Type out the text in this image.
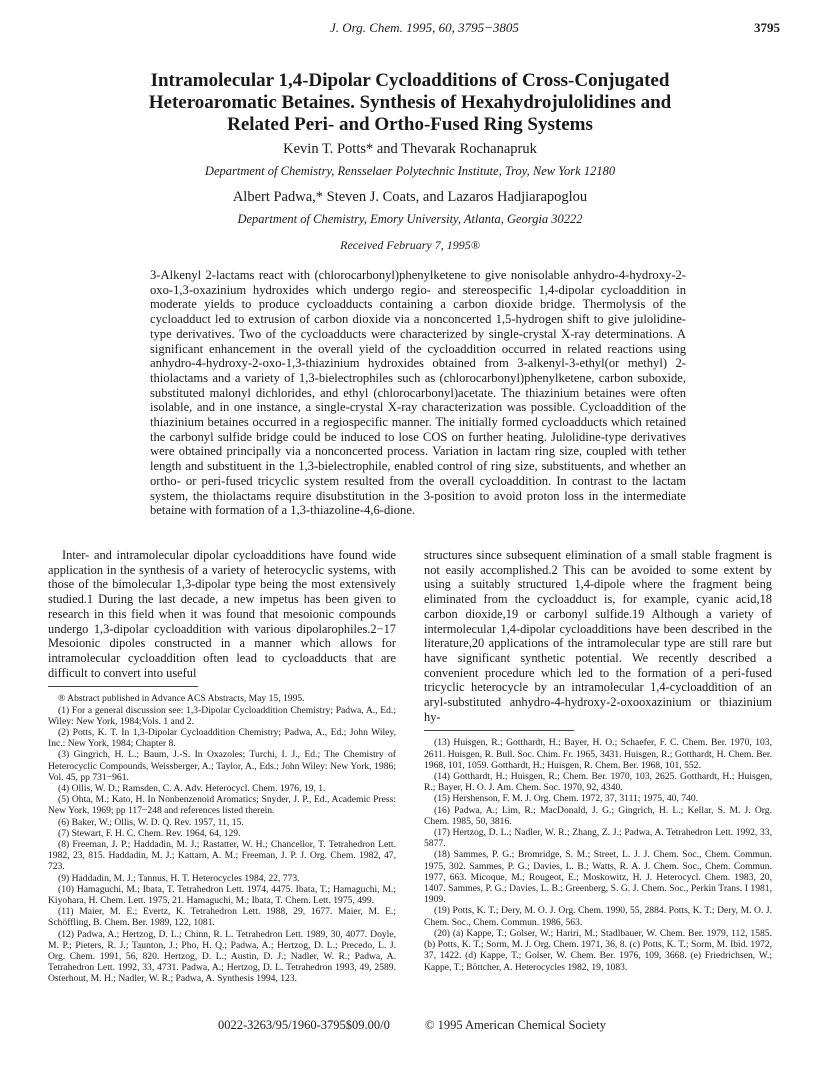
J. Org. Chem. 1995, 60, 3795−3805	3795
Intramolecular 1,4-Dipolar Cycloadditions of Cross-Conjugated
Heteroaromatic Betaines. Synthesis of Hexahydrojulolidines and
Related Peri- and Ortho-Fused Ring Systems
Kevin T. Potts* and Thevarak Rochanapruk
Department of Chemistry, Rensselaer Polytechnic Institute, Troy, New York 12180
Albert Padwa,* Steven J. Coats, and Lazaros Hadjiarapoglou
Department of Chemistry, Emory University, Atlanta, Georgia 30222
Received February 7, 1995®
3-Alkenyl 2-lactams react with (chlorocarbonyl)phenylketene to give nonisolable anhydro-4-hydroxy-2-oxo-1,3-oxazinium hydroxides which undergo regio- and stereospecific 1,4-dipolar cycloaddition in moderate yields to produce cycloadducts containing a carbon dioxide bridge. Thermolysis of the cycloadduct led to extrusion of carbon dioxide via a nonconcerted 1,5-hydrogen shift to give julolidine-type derivatives. Two of the cycloadducts were characterized by single-crystal X-ray determinations. A significant enhancement in the overall yield of the cycloaddition occurred in related reactions using anhydro-4-hydroxy-2-oxo-1,3-thiazinium hydroxides obtained from 3-alkenyl-3-ethyl(or methyl) 2-thiolactams and a variety of 1,3-bielectrophiles such as (chlorocarbonyl)phenylketene, carbon suboxide, substituted malonyl dichlorides, and ethyl (chlorocarbonyl)acetate. The thiazinium betaines were often isolable, and in one instance, a single-crystal X-ray characterization was possible. Cycloaddition of the thiazinium betaines occurred in a regiospecific manner. The initially formed cycloadducts which retained the carbonyl sulfide bridge could be induced to lose COS on further heating. Julolidine-type derivatives were obtained principally via a nonconcerted process. Variation in lactam ring size, coupled with tether length and substituent in the 1,3-bielectrophile, enabled control of ring size, substituents, and whether an ortho- or peri-fused tricyclic system resulted from the overall cycloaddition. In contrast to the lactam system, the thiolactams require disubstitution in the 3-position to avoid proton loss in the intermediate betaine with formation of a 1,3-thiazoline-4,6-dione.

Inter- and intramolecular dipolar cycloadditions have found wide application in the synthesis of a variety of heterocyclic systems, with those of the bimolecular 1,3-dipolar type being the most extensively studied.1 During the last decade, a new impetus has been given to research in this field when it was found that mesoionic compounds undergo 1,3-dipolar cycloaddition with various dipolarophiles.2−17 Mesoionic dipoles constructed in a manner which allows for intramolecular cycloaddition often lead to cycloadducts that are difficult to convert into useful

® Abstract published in Advance ACS Abstracts, May 15, 1995.

(1) For a general discussion see: 1,3-Dipolar Cycloaddition Chemistry; Padwa, A., Ed.; Wiley: New York, 1984;Vols. 1 and 2.

(2) Potts, K. T. In 1,3-Dipolar Cycloaddition Chemistry; Padwa, A., Ed.; John Wiley, Inc.: New York, 1984; Chapter 8.

(3) Gingrich, H. L.; Baum, J.-S. In Oxazoles; Turchi, I. J., Ed.; The Chemistry of Heterocyclic Compounds, Weissberger, A.; Taylor, A., Eds.; John Wiley: New York, 1986; Vol. 45, pp 731−961.

(4) Ollis, W. D.; Ramsden, C. A. Adv. Heterocycl. Chem. 1976, 19, 1.

(5) Ohta, M.; Kato, H. In Nonbenzenoid Aromatics; Snyder, J. P., Ed., Academic Press: New York, 1969; pp 117−248 and references listed therein.

(6) Baker, W.; Ollis, W. D. Q. Rev. 1957, 11, 15.

(7) Stewart, F. H. C. Chem. Rev. 1964, 64, 129.

(8) Freeman, J. P.; Haddadin, M. J.; Rastatter, W. H.; Chancellor, T. Tetrahedron Lett. 1982, 23, 815. Haddadin, M. J.; Kattarn, A. M.; Freeman, J. P. J. Org. Chem. 1982, 47, 723.

(9) Haddadin, M. J.; Tannus, H. T. Heterocycles 1984, 22, 773.

(10) Hamaguchi, M.; Ibata, T. Tetrahedron Lett. 1974, 4475. Ibata, T.; Hamaguchi, M.; Kiyohara, H. Chem. Lett. 1975, 21. Hamaguchi, M.; Ibata, T. Chem. Lett. 1975, 499.

(11) Maier, M. E.; Evertz, K. Tetrahedron Lett. 1988, 29, 1677. Maier, M. E.; Schöffling, B. Chem. Ber. 1989, 122, 1081.

(12) Padwa, A.; Hertzog, D. L.; Chinn, R. L. Tetrahedron Lett. 1989, 30, 4077. Doyle, M. P.; Pieters, R. J.; Taunton, J.; Pho, H. Q.; Padwa, A.; Hertzog, D. L.; Precedo, L. J. Org. Chem. 1991, 56, 820. Hertzog, D. L.; Austin, D. J.; Nadler, W. R.; Padwa, A. Tetrahedron Lett. 1992, 33, 4731. Padwa, A.; Hertzog, D. L. Tetrahedron 1993, 49, 2589. Osterhout, M. H.; Nadler, W. R.; Padwa, A. Synthesis 1994, 123.

structures since subsequent elimination of a small stable fragment is not easily accomplished.2 This can be avoided to some extent by using a suitably structured 1,4-dipole where the fragment being eliminated from the cycloadduct is, for example, cyanic acid,18 carbon dioxide,19 or carbonyl sulfide.19 Although a variety of intermolecular 1,4-dipolar cycloadditions have been described in the literature,20 applications of the intramolecular type are still rare but have significant synthetic potential. We recently described a convenient procedure which led to the formation of a peri-fused tricyclic heterocycle by an intramolecular 1,4-cycloaddition of an aryl-substituted anhydro-4-hydroxy-2-oxooxazinium or thiazinium hy-

(13) Huisgen, R.; Gotthardt, H.; Bayer, H. O.; Schaefer, F. C. Chem. Ber. 1970, 103, 2611. Huisgen, R. Bull. Soc. Chim. Fr. 1965, 3431. Huisgen, R.; Gotthardt, H. Chem. Ber. 1968, 101, 1059. Gotthardt, H.; Huisgen, R. Chem. Ber. 1968, 101, 552.

(14) Gotthardt, H.; Huisgen, R.; Chem. Ber. 1970, 103, 2625. Gotthardt, H.; Huisgen, R.; Bayer, H. O. J. Am. Chem. Soc. 1970, 92, 4340.

(15) Hershenson, F. M. J. Org. Chem. 1972, 37, 3111; 1975, 40, 740.

(16) Padwa, A.; Lim, R.; MacDonald, J. G.; Gingrich, H. L.; Kellar, S. M. J. Org. Chem. 1985, 50, 3816.

(17) Hertzog, D. L.; Nadler, W. R.; Zhang, Z. J.; Padwa, A. Tetrahedron Lett. 1992, 33, 5877.

(18) Sammes, P. G.; Bromridge, S. M.; Street, L. J. J. Chem. Soc., Chem. Commun. 1975, 302. Sammes, P. G.; Davies, L. B.; Watts, R. A. J. Chem. Soc., Chem. Commun. 1977, 663. Micoque, M.; Rougeot, E.; Moskowitz, H. J. Heterocycl. Chem. 1983, 20, 1407. Sammes, P. G.; Davies, L. B.; Greenberg, S. G. J. Chem. Soc., Perkin Trans. I 1981, 1909.

(19) Potts, K. T.; Dery, M. O. J. Org. Chem. 1990, 55, 2884. Potts, K. T.; Dery, M. O. J. Chem. Soc., Chem. Commun. 1986, 563.

(20) (a) Kappe, T.; Golser, W.; Hariri, M.; Stadlbauer, W. Chem. Ber. 1979, 112, 1585. (b) Potts, K. T.; Sorm, M. J. Org. Chem. 1971, 36, 8. (c) Potts, K. T.; Sorm, M. Ibid. 1972, 37, 1422. (d) Kappe, T.; Golser, W. Chem. Ber. 1976, 109, 3668. (e) Friedrichsen, W.; Kappe, T.; Böttcher, A. Heterocycles 1982, 19, 1083.

0022-3263/95/1960-3795$09.00/0	© 1995 American Chemical Society
